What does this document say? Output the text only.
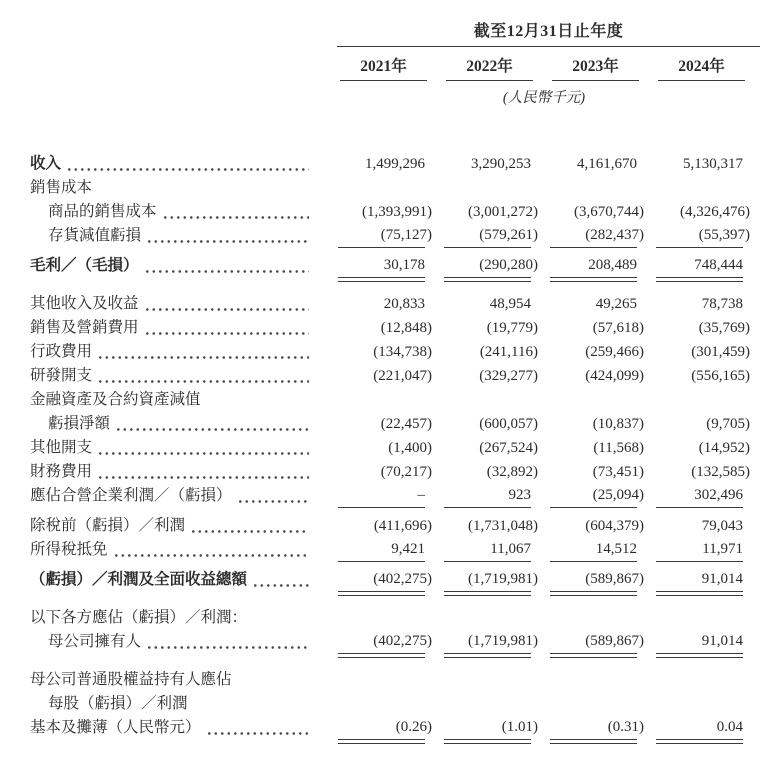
截至12月31日止年度
2021年	2022年	2023年	2024年
(人民幣千元)
收入	1,499,296	3,290,253	4,161,670	5,130,317
銷售成本
商品的銷售成本	(1,393,991)	(3,001,272)	(3,670,744)	(4,326,476)
存貨減值虧損	(75,127)	(579,261)	(282,437)	(55,397)
毛利／（毛損）	30,178	(290,280)	208,489	748,444
其他收入及收益	20,833	48,954	49,265	78,738
銷售及營銷費用	(12,848)	(19,779)	(57,618)	(35,769)
行政費用	(134,738)	(241,116)	(259,466)	(301,459)
研發開支	(221,047)	(329,277)	(424,099)	(556,165)
金融資產及合約資產減值
虧損淨額	(22,457)	(600,057)	(10,837)	(9,705)
其他開支	(1,400)	(267,524)	(11,568)	(14,952)
財務費用	(70,217)	(32,892)	(73,451)	(132,585)
應佔合營企業利潤／（虧損）	–	923	(25,094)	302,496
除稅前（虧損）／利潤	(411,696)	(1,731,048)	(604,379)	79,043
所得稅抵免	9,421	11,067	14,512	11,971
（虧損）／利潤及全面收益總額	(402,275)	(1,719,981)	(589,867)	91,014
以下各方應佔（虧損）／利潤：
母公司擁有人	(402,275)	(1,719,981)	(589,867)	91,014
母公司普通股權益持有人應佔
每股（虧損）／利潤
基本及攤薄（人民幣元）	(0.26)	(1.01)	(0.31)	0.04
